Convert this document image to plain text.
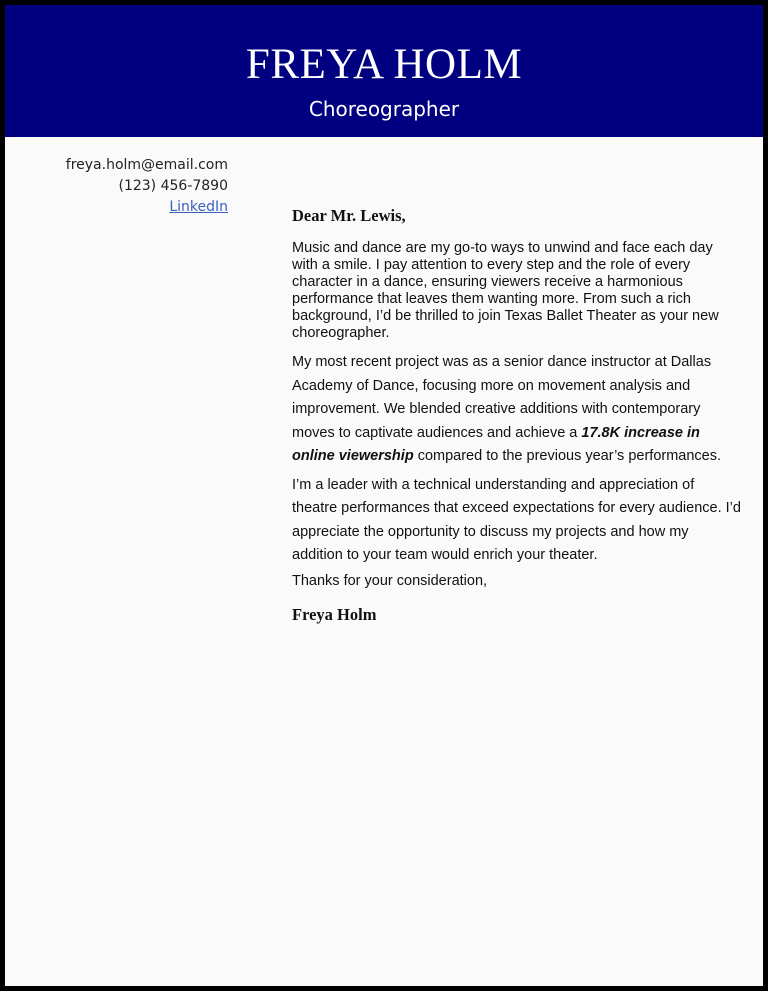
FREYA HOLM
Choreographer
freya.holm@email.com
(123) 456-7890
LinkedIn	Dear Mr. Lewis,

Music and dance are my go-to ways to unwind and face each day with a smile. I pay attention to every step and the role of every character in a dance, ensuring viewers receive a harmonious performance that leaves them wanting more. From such a rich background, I’d be thrilled to join Texas Ballet Theater as your new choreographer.

My most recent project was as a senior dance instructor at Dallas Academy of Dance, focusing more on movement analysis and improvement. We blended creative additions with contemporary moves to captivate audiences and achieve a 17.8K increase in online viewership compared to the previous year’s performances.

I’m a leader with a technical understanding and appreciation of theatre performances that exceed expectations for every audience. I’d appreciate the opportunity to discuss my projects and how my addition to your team would enrich your theater.

Thanks for your consideration,

Freya Holm
